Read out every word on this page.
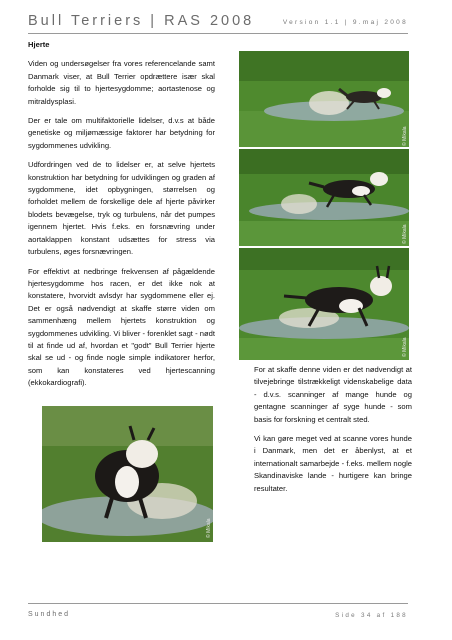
Bull Terriers | RAS 2008	Version 1.1 | 9.maj 2008

Hjerte

Viden og undersøgelser fra vores referencelande samt Danmark viser, at Bull Terrier opdrættere især skal forholde sig til to hjertesygdomme; aortastenose og mitraldysplasi.

Der er tale om multifaktorielle lidelser, d.v.s at både genetiske og miljømæssige faktorer har betydning for sygdommenes udvikling.

Udfordringen ved de to lidelser er, at selve hjertets konstruktion har betydning for udviklingen og graden af sygdommene, idet opbygningen, størrelsen og forholdet mellem de forskellige dele af hjerte påvirker blodets bevægelse, tryk og turbulens, når det pumpes igennem hjertet. Hvis f.eks. en forsnævring under aortaklappen konstant udsættes for stress via turbulens, øges forsnævringen.

For effektivt at nedbringe frekvensen af pågældende hjertesygdomme hos racen, er det ikke nok at konstatere, hvorvidt avlsdyr har sygdommene eller ej. Det er også nødvendigt at skaffe større viden om sammenhæng mellem hjertets konstruktion og sygdommenes udvikling. Vi bliver - forenklet sagt - nødt til at finde ud af, hvordan et "godt" Bull Terrier hjerte skal se ud - og finde nogle simple indikatorer herfor, som kan konstateres ved hjertescanning (ekkokardiografi).

© Mikala
© Mikala
© Mikala
© Mikala

For at skaffe denne viden er det nødvendigt at tilvejebringe tilstrækkeligt videnskabelige data - d.v.s. scanninger af mange hunde og gentagne scanninger af syge hunde - som basis for forskning et centralt sted.

Vi kan gøre meget ved at scanne vores hunde i Danmark, men det er åbenlyst, at et internationalt samarbejde - f.eks. mellem nogle Skandinaviske lande - hurtigere kan bringe resultater.

Sundhed	Side 34 af 188
